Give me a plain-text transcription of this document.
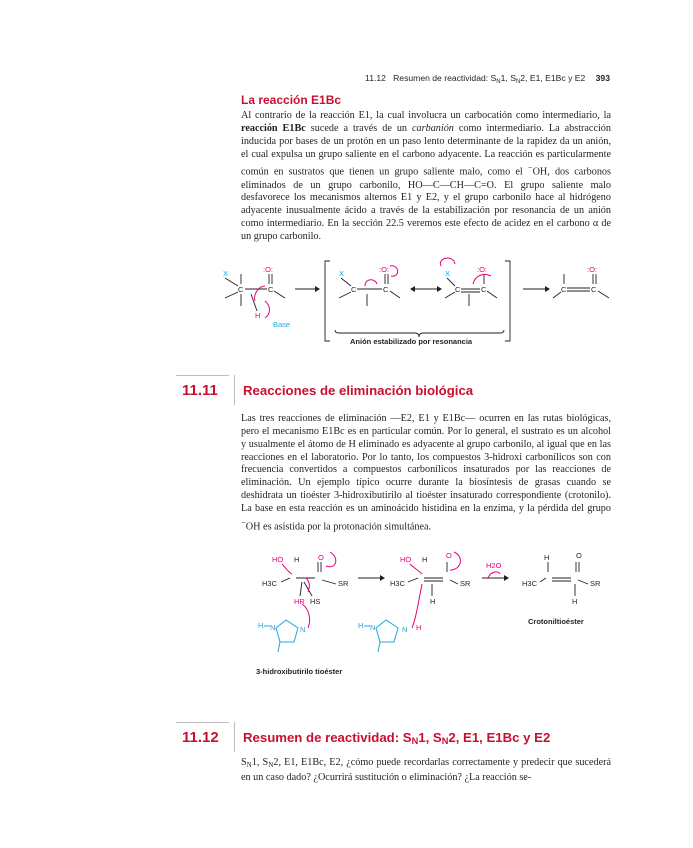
11.12 Resumen de reactividad: $S_N1$, $S_N2$, E1, E1Bc y E2 393
La reacción E1Bc

Al contrario de la reacción E1, la cual involucra un carbocatión como intermediario, la reacción E1Bc sucede a través de un carbanión como intermediario. La abstracción inducida por bases de un protón en un paso lento determinante de la rapidez da un anión, el cual expulsa un grupo saliente en el carbono adyacente. La reacción es particularmente común en sustratos que tienen un grupo saliente malo, como el −OH, dos carbonos eliminados de un grupo carbonilo, HO—C—CH—C=O. El grupo saliente malo desfavorece los mecanismos alternos E1 y E2, y el grupo carbonilo hace al hidrógeno adyacente inusualmente ácido a través de la estabilización por resonancia de un anión como intermediario. En la sección 22.5 veremos este efecto de acidez en el carbono α de un grupo carbonilo.

X
C	C
:O:
H
Base
X
C	C
:O:	X
C	C
:O:
C	C
:O:
Anión estabilizado por resonancia
11.11 Reacciones de eliminación biológica

Las tres reacciones de eliminación —E2, E1 y E1Bc— ocurren en las rutas biológicas, pero el mecanismo E1Bc es en particular común. Por lo general, el sustrato es un alcohol y usualmente el átomo de H eliminado es adyacente al grupo carbonilo, al igual que en las reacciones en el laboratorio. Por lo tanto, los compuestos 3-hidroxi carbonílicos son con frecuencia convertidos a compuestos carbonílicos insaturados por las reacciones de eliminación. Un ejemplo típico ocurre durante la biosíntesis de grasas cuando se deshidrata un tioéster 3-hidroxibutirilo al tioéster insaturado correspondiente (crotonilo). La base en esta reacción es un aminoácido histidina en la enzima, y la pérdida del grupo −OH es asistida por la protonación simultánea.

HO H
H3C
O
SR
HR HS
H N	N
3-hidroxibutirilo tioéster
HO H
H3C
O
SR
H
H N	N H
H2O
H	O
H3C	SR
H
Crotoniltioéster
11.12 Resumen de reactividad: $S_N1$, $S_N2$, E1, E1Bc y E2

$S_N1$, $S_N2$, E1, E1Bc, E2, ¿cómo puede recordarlas correctamente y predecir que sucederá en un caso dado? ¿Ocurrirá sustitución o eliminación? ¿La reacción se-
